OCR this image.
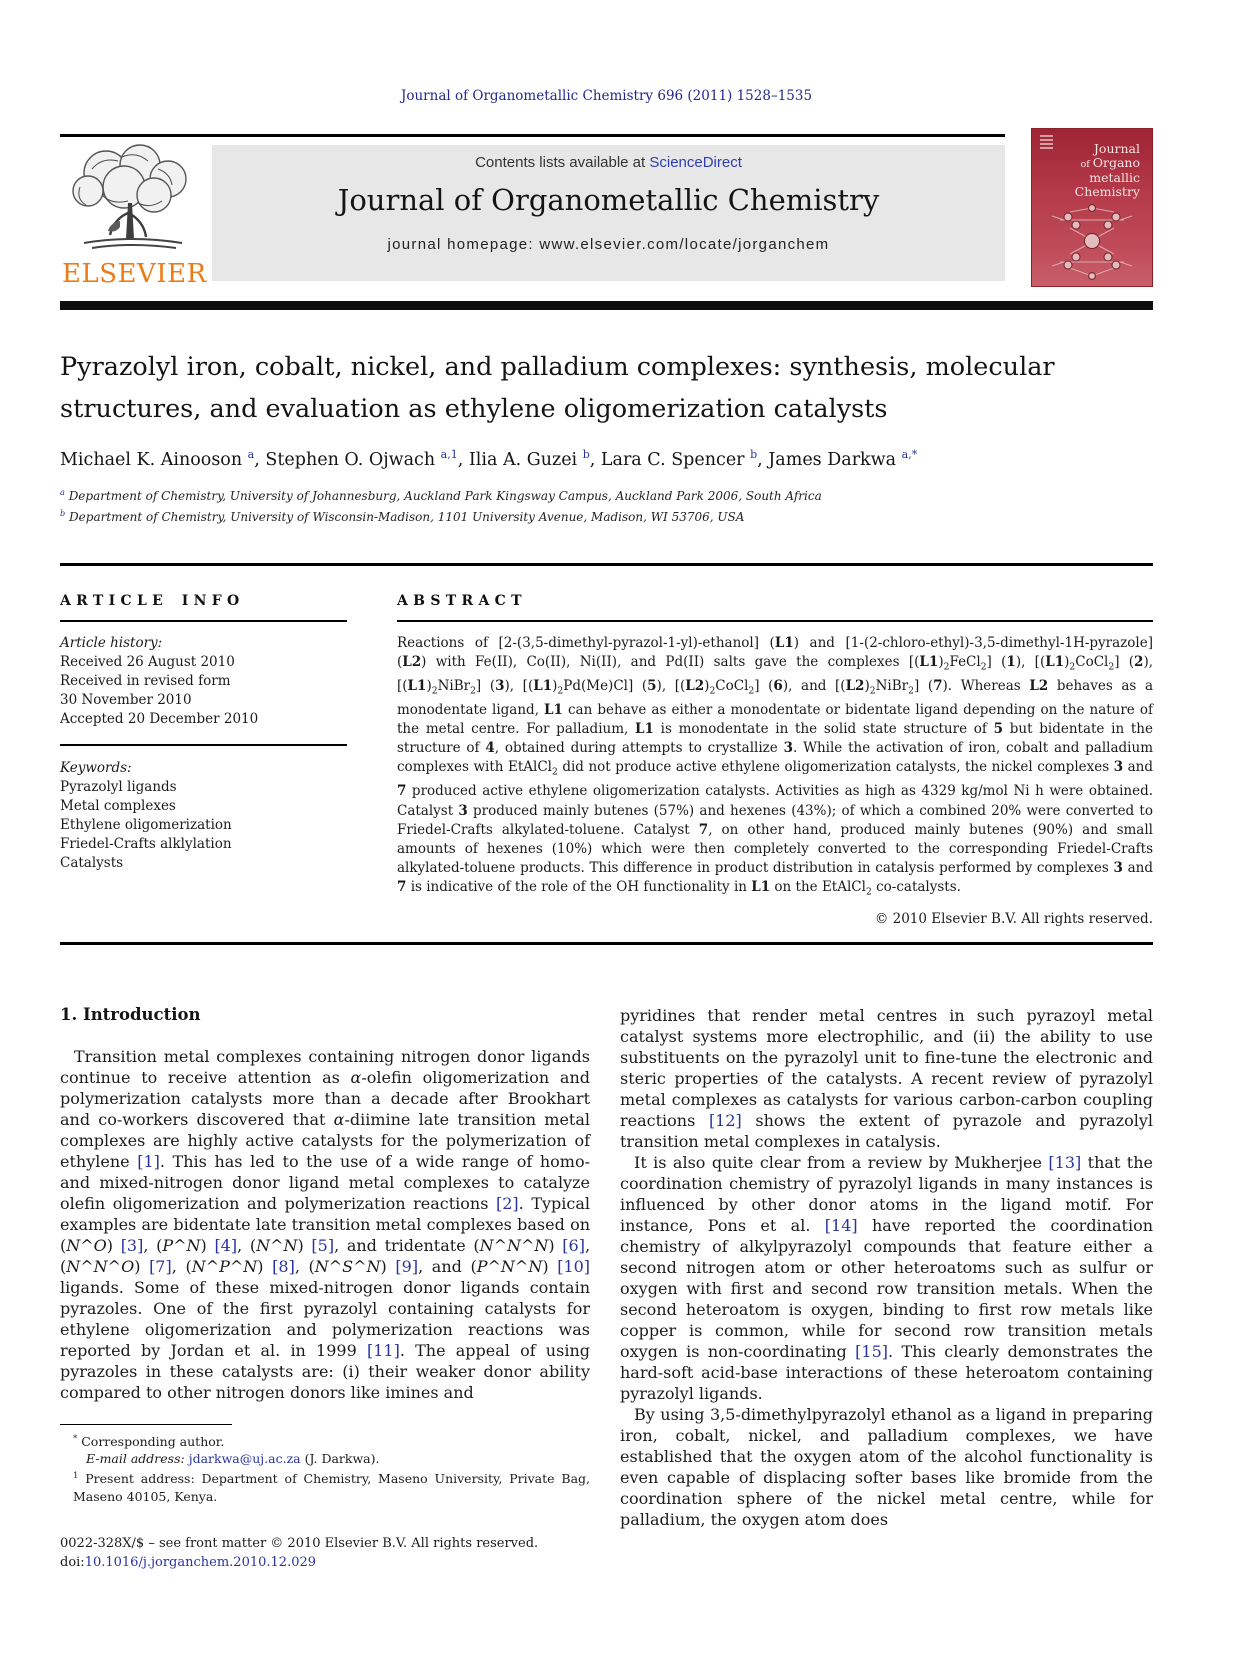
Journal of Organometallic Chemistry 696 (2011) 1528–1535
ELSEVIER
Contents lists available at ScienceDirect
Journal of Organometallic Chemistry
journal homepage: www.elsevier.com/locate/jorganchem
Journal
of Organo
metallic
Chemistry
Pyrazolyl iron, cobalt, nickel, and palladium complexes: synthesis, molecular structures, and evaluation as ethylene oligomerization catalysts
Michael K. Ainooson $^a$, Stephen O. Ojwach $^{a,1}$, Ilia A. Guzei $^b$, Lara C. Spencer $^b$, James Darkwa $^{a,*}$
$^a$ Department of Chemistry, University of Johannesburg, Auckland Park Kingsway Campus, Auckland Park 2006, South Africa
$^b$ Department of Chemistry, University of Wisconsin-Madison, 1101 University Avenue, Madison, WI 53706, USA
ARTICLE INFO
Article history:
Received 26 August 2010
Received in revised form
30 November 2010
Accepted 20 December 2010
Keywords:
Pyrazolyl ligands
Metal complexes
Ethylene oligomerization
Friedel-Crafts alklylation
Catalysts
ABSTRACT
Reactions of [2-(3,5-dimethyl-pyrazol-1-yl)-ethanol] (L1) and [1-(2-chloro-ethyl)-3,5-dimethyl-1H-pyrazole] (L2) with Fe(II), Co(II), Ni(II), and Pd(II) salts gave the complexes $[(L1)_2FeCl_2]$ (1), $[(L1)_2CoCl_2]$ (2), $[(L1)_2NiBr_2]$ (3), $[(L1)_2Pd(Me)Cl]$ (5), $[(L2)_2CoCl_2]$ (6), and $[(L2)_2NiBr_2]$ (7). Whereas L2 behaves as a monodentate ligand, L1 can behave as either a monodentate or bidentate ligand depending on the nature of the metal centre. For palladium, L1 is monodentate in the solid state structure of 5 but bidentate in the structure of 4, obtained during attempts to crystallize 3. While the activation of iron, cobalt and palladium complexes with EtAlCl$_2$ did not produce active ethylene oligomerization catalysts, the nickel complexes 3 and 7 produced active ethylene oligomerization catalysts. Activities as high as 4329 kg/mol Ni h were obtained. Catalyst 3 produced mainly butenes (57%) and hexenes (43%); of which a combined 20% were converted to Friedel-Crafts alkylated-toluene. Catalyst 7, on other hand, produced mainly butenes (90%) and small amounts of hexenes (10%) which were then completely converted to the corresponding Friedel-Crafts alkylated-toluene products. This difference in product distribution in catalysis performed by complexes 3 and 7 is indicative of the role of the OH functionality in L1 on the EtAlCl$_2$ co-catalysts.
© 2010 Elsevier B.V. All rights reserved.
1. Introduction
Transition metal complexes containing nitrogen donor ligands continue to receive attention as α-olefin oligomerization and polymerization catalysts more than a decade after Brookhart and co-workers discovered that α-diimine late transition metal complexes are highly active catalysts for the polymerization of ethylene [1]. This has led to the use of a wide range of homo- and mixed-nitrogen donor ligand metal complexes to catalyze olefin oligomerization and polymerization reactions [2]. Typical examples are bidentate late transition metal complexes based on (N^O) [3], (P^N) [4], (N^N) [5], and tridentate (N^N^N) [6], (N^N^O) [7], (N^P^N) [8], (N^S^N) [9], and (P^N^N) [10] ligands. Some of these mixed-nitrogen donor ligands contain pyrazoles. One of the first pyrazolyl containing catalysts for ethylene oligomerization and polymerization reactions was reported by Jordan et al. in 1999 [11]. The appeal of using pyrazoles in these catalysts are: (i) their weaker donor ability compared to other nitrogen donors like imines and
* Corresponding author.
E-mail address: jdarkwa@uj.ac.za (J. Darkwa).
$^1$ Present address: Department of Chemistry, Maseno University, Private Bag, Maseno 40105, Kenya.
0022-328X/$ – see front matter © 2010 Elsevier B.V. All rights reserved.
doi:10.1016/j.jorganchem.2010.12.029
pyridines that render metal centres in such pyrazoyl metal catalyst systems more electrophilic, and (ii) the ability to use substituents on the pyrazolyl unit to fine-tune the electronic and steric properties of the catalysts. A recent review of pyrazolyl metal complexes as catalysts for various carbon-carbon coupling reactions [12] shows the extent of pyrazole and pyrazolyl transition metal complexes in catalysis.
It is also quite clear from a review by Mukherjee [13] that the coordination chemistry of pyrazolyl ligands in many instances is influenced by other donor atoms in the ligand motif. For instance, Pons et al. [14] have reported the coordination chemistry of alkylpyrazolyl compounds that feature either a second nitrogen atom or other heteroatoms such as sulfur or oxygen with first and second row transition metals. When the second heteroatom is oxygen, binding to first row metals like copper is common, while for second row transition metals oxygen is non-coordinating [15]. This clearly demonstrates the hard-soft acid-base interactions of these heteroatom containing pyrazolyl ligands.
By using 3,5-dimethylpyrazolyl ethanol as a ligand in preparing iron, cobalt, nickel, and palladium complexes, we have established that the oxygen atom of the alcohol functionality is even capable of displacing softer bases like bromide from the coordination sphere of the nickel metal centre, while for palladium, the oxygen atom does
